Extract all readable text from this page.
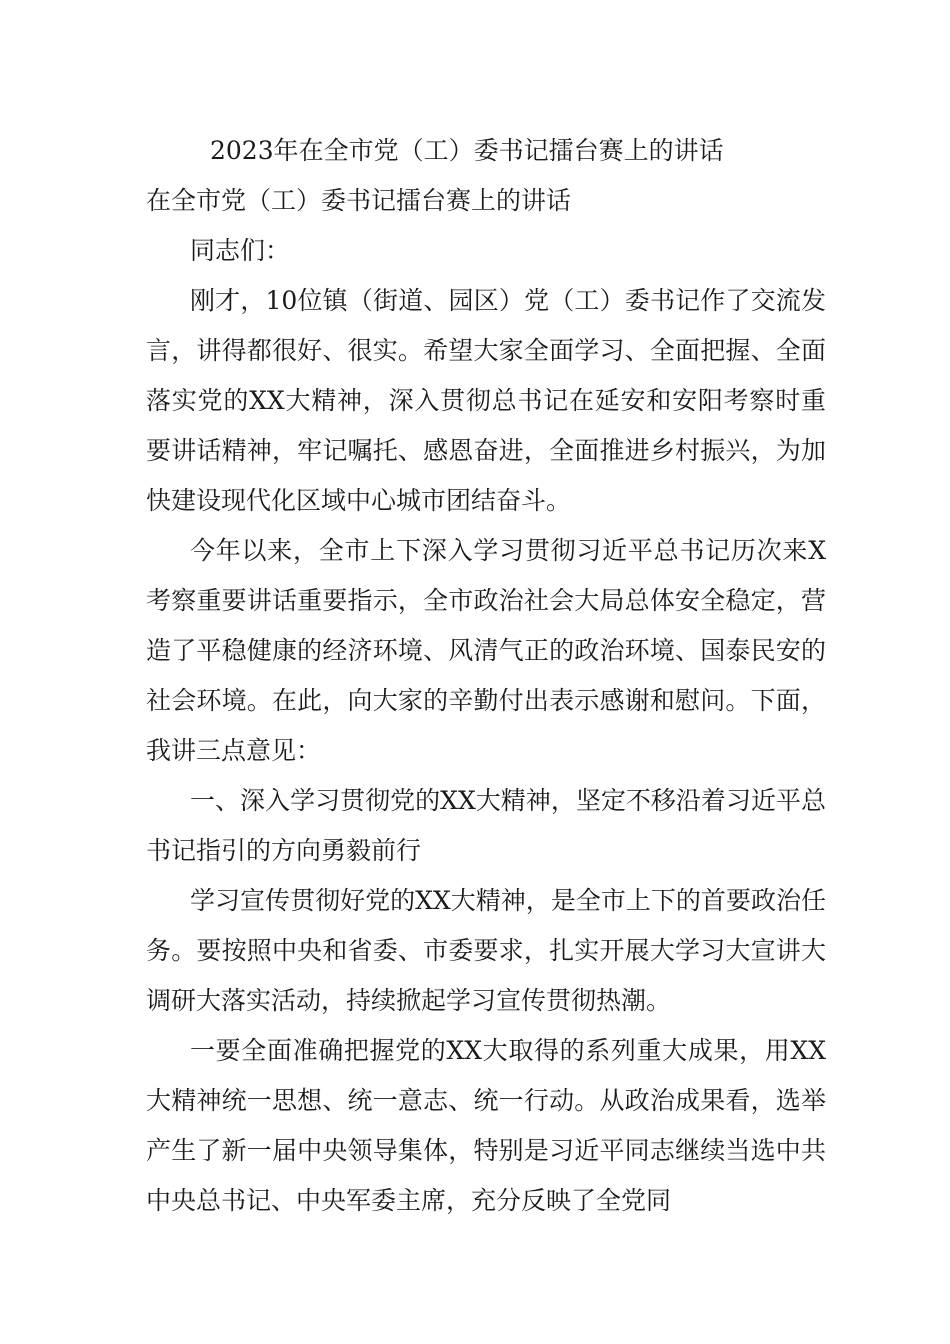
2023年在全市党（工）委书记擂台赛上的讲话
在全市党（工）委书记擂台赛上的讲话

同志们：

刚才，10位镇（街道、园区）党（工）委书记作了交流发言，讲得都很好、很实。希望大家全面学习、全面把握、全面落实党的XX大精神，深入贯彻总书记在延安和安阳考察时重要讲话精神，牢记嘱托、感恩奋进，全面推进乡村振兴，为加快建设现代化区域中心城市团结奋斗。

今年以来，全市上下深入学习贯彻习近平总书记历次来X考察重要讲话重要指示，全市政治社会大局总体安全稳定，营造了平稳健康的经济环境、风清气正的政治环境、国泰民安的社会环境。在此，向大家的辛勤付出表示感谢和慰问。下面，我讲三点意见：

一、深入学习贯彻党的XX大精神，坚定不移沿着习近平总书记指引的方向勇毅前行

学习宣传贯彻好党的XX大精神，是全市上下的首要政治任务。要按照中央和省委、市委要求，扎实开展大学习大宣讲大调研大落实活动，持续掀起学习宣传贯彻热潮。

一要全面准确把握党的XX大取得的系列重大成果，用XX大精神统一思想、统一意志、统一行动。从政治成果看，选举产生了新一届中央领导集体，特别是习近平同志继续当选中共中央总书记、中央军委主席，充分反映了全党同
